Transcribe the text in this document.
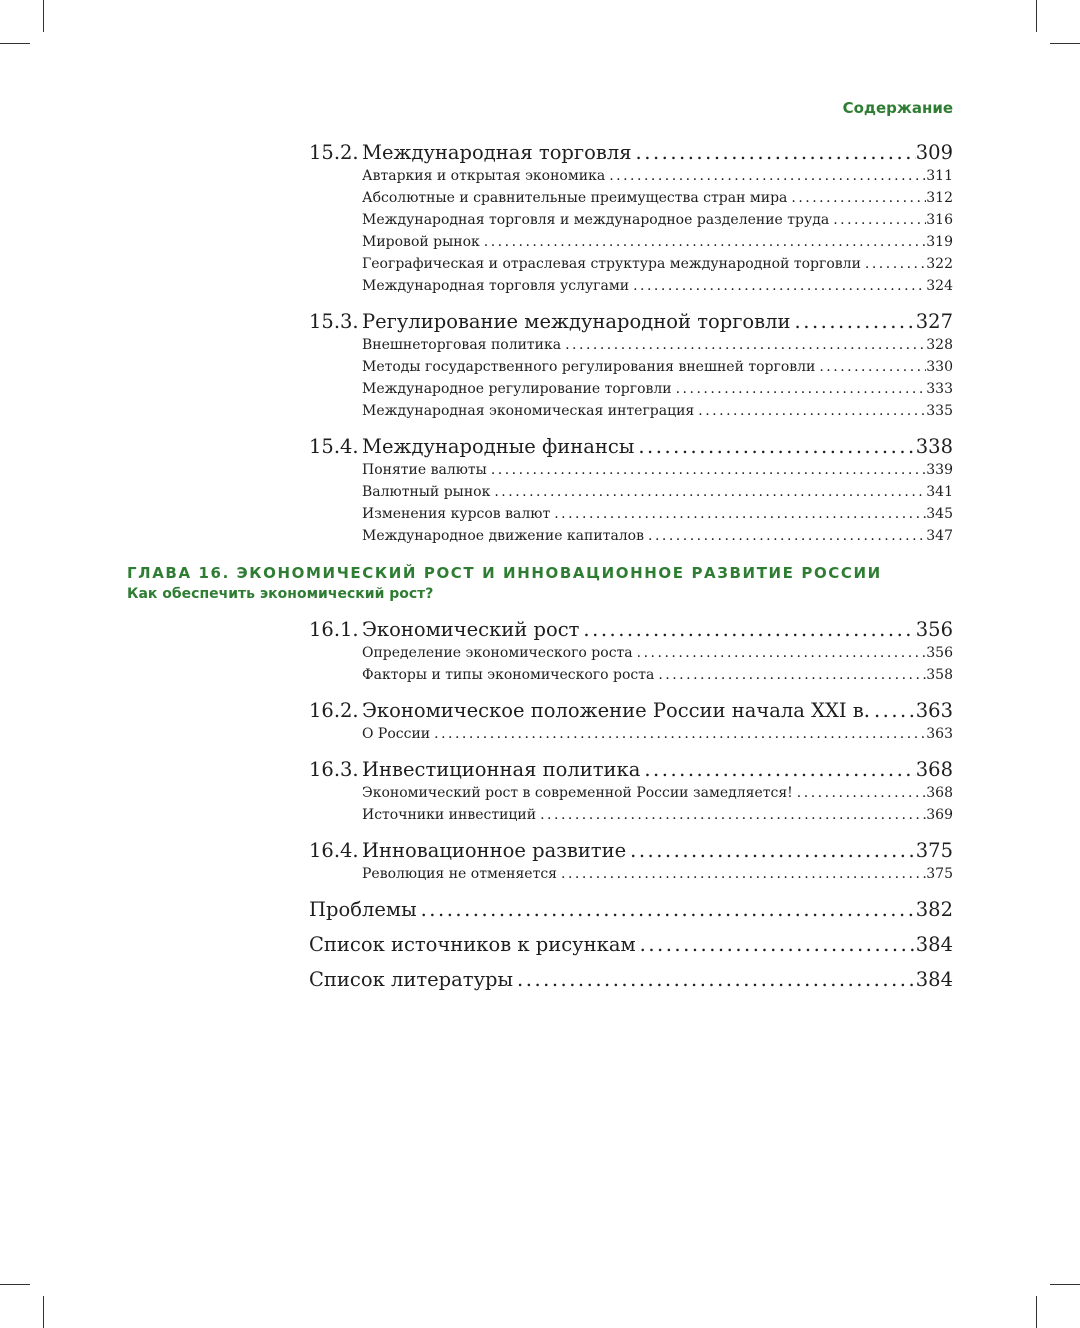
Содержание
15.2. Международная торговля .....	309
Автаркия и открытая экономика .....	311
Абсолютные и сравнительные преимущества стран мира .....	312
Международная торговля и международное разделение труда .....	316
Мировой рынок .....	319
Географическая и отраслевая структура международной торговли .....	322
Международная торговля услугами .....	324
15.3. Регулирование международной торговли .....	327
Внешнеторговая политика .....	328
Методы государственного регулирования внешней торговли .....	330
Международное регулирование торговли .....	333
Международная экономическая интеграция .....	335
15.4. Международные финансы .....	338
Понятие валюты .....	339
Валютный рынок .....	341
Изменения курсов валют .....	345
Международное движение капиталов .....	347
ГЛАВА 16. ЭКОНОМИЧЕСКИЙ РОСТ И ИННОВАЦИОННОЕ РАЗВИТИЕ РОССИИ
Как обеспечить экономический рост?
16.1. Экономический рост .....	356
Определение экономического роста .....	356
Факторы и типы экономического роста .....	358
16.2. Экономическое положение России начала XXI в. ..... 363
О России .....	363
16.3. Инвестиционная политика .....	368
Экономический рост в современной России замедляется! .....	368
Источники инвестиций .....	369
16.4. Инновационное развитие .....	375
Революция не отменяется .....	375
Проблемы .....	382
Список источников к рисункам .....	384
Список литературы .....	384
